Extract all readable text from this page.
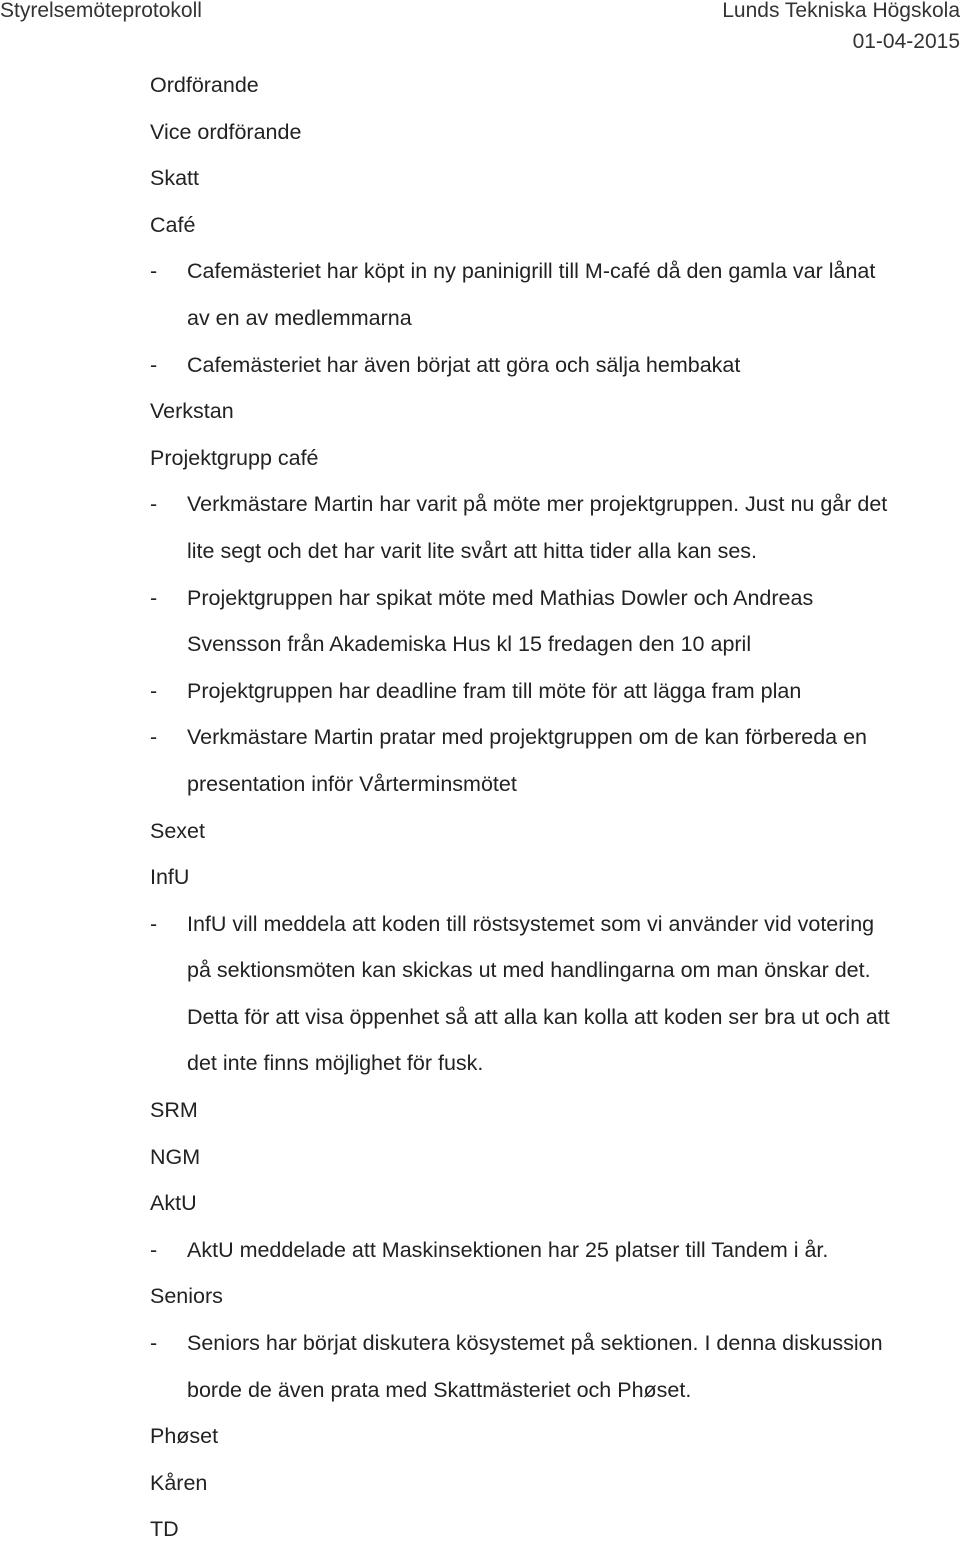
Styrelsemöteprotokoll	Lunds Tekniska Högskola
01-04-2015
Ordförande
Vice ordförande
Skatt
Café
- Cafemästeriet har köpt in ny paninigrill till M-café då den gamla var lånat
av en av medlemmarna
- Cafemästeriet har även börjat att göra och sälja hembakat
Verkstan
Projektgrupp café
- Verkmästare Martin har varit på möte mer projektgruppen. Just nu går det
lite segt och det har varit lite svårt att hitta tider alla kan ses.
- Projektgruppen har spikat möte med Mathias Dowler och Andreas
Svensson från Akademiska Hus kl 15 fredagen den 10 april
- Projektgruppen har deadline fram till möte för att lägga fram plan
- Verkmästare Martin pratar med projektgruppen om de kan förbereda en
presentation inför Vårterminsmötet
Sexet
InfU
- InfU vill meddela att koden till röstsystemet som vi använder vid votering
på sektionsmöten kan skickas ut med handlingarna om man önskar det.
Detta för att visa öppenhet så att alla kan kolla att koden ser bra ut och att
det inte finns möjlighet för fusk.
SRM
NGM
AktU
- AktU meddelade att Maskinsektionen har 25 platser till Tandem i år.
Seniors
- Seniors har börjat diskutera kösystemet på sektionen. I denna diskussion
borde de även prata med Skattmästeriet och Phøset.
Phøset
Kåren
TD
